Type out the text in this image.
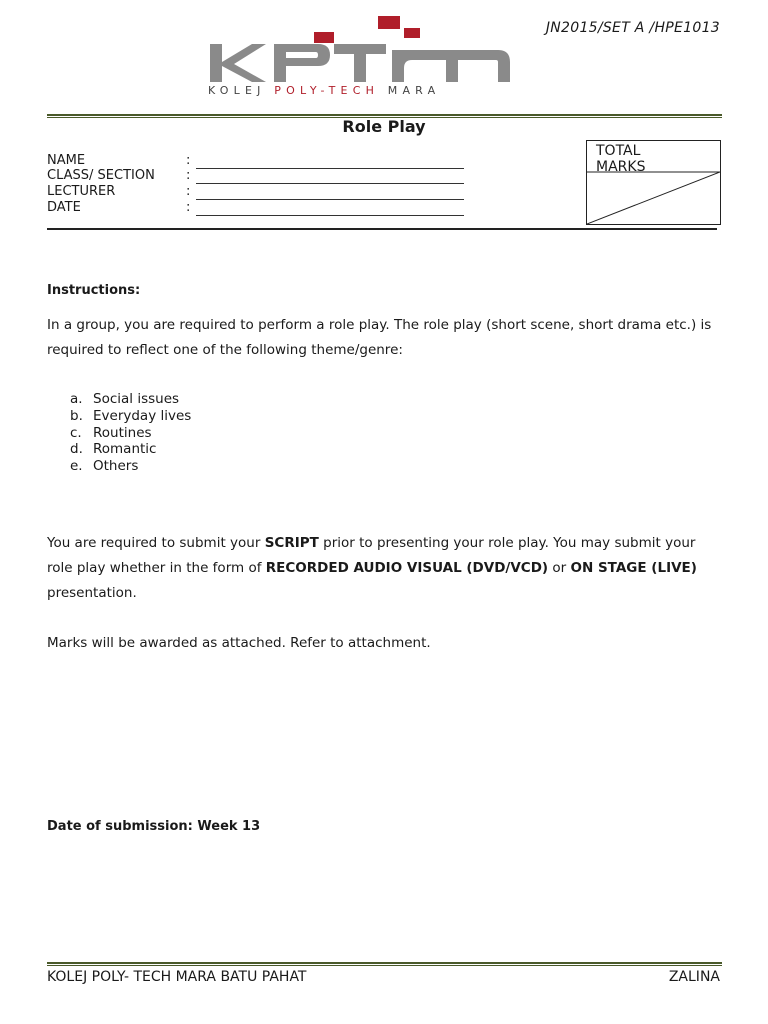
JN2015/SET A /HPE1013
KOLEJ POLY-TECH MARA
Role Play
NAME	:
CLASS/ SECTION :
LECTURER	:
DATE	:
TOTAL
MARKS
Instructions:
In a group, you are required to perform a role play. The role play (short scene, short drama etc.) is required to reflect one of the following theme/genre:
a. Social issues
b. Everyday lives
c. Routines
d. Romantic
e. Others
You are required to submit your SCRIPT prior to presenting your role play. You may submit your role play whether in the form of RECORDED AUDIO VISUAL (DVD/VCD) or ON STAGE (LIVE) presentation.
Marks will be awarded as attached. Refer to attachment.
Date of submission: Week 13
KOLEJ POLY- TECH MARA BATU PAHAT	ZALINA
